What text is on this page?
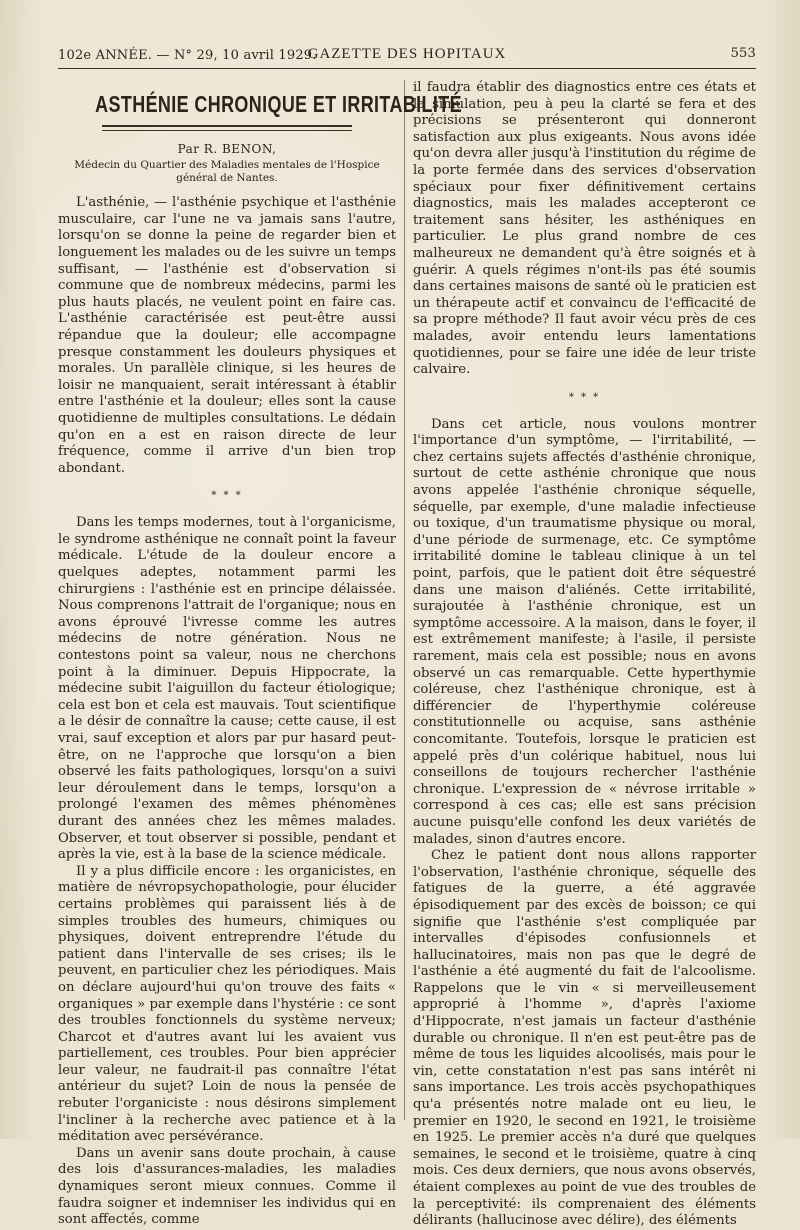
102e ANNÉE. — N° 29, 10 avril 1929.
GAZETTE DES HOPITAUX	553
ASTHÉNIE CHRONIQUE ET IRRITABILITÉ
Par R. BENON,
Médecin du Quartier des Maladies mentales de l'Hospice général de Nantes.

L'asthénie, — l'asthénie psychique et l'asthénie musculaire, car l'une ne va jamais sans l'autre, lorsqu'on se donne la peine de regarder bien et longuement les malades ou de les suivre un temps suffisant, — l'asthénie est d'observation si commune que de nombreux médecins, parmi les plus hauts placés, ne veulent point en faire cas. L'asthénie caractérisée est peut-être aussi répandue que la douleur; elle accompagne presque constamment les douleurs physiques et morales. Un parallèle clinique, si les heures de loisir ne manquaient, serait intéressant à établir entre l'asthénie et la douleur; elles sont la cause quotidienne de multiples consultations. Le dédain qu'on en a est en raison directe de leur fréquence, comme il arrive d'un bien trop abondant.

* * *

Dans les temps modernes, tout à l'organicisme, le syndrome asthénique ne connaît point la faveur médicale. L'étude de la douleur encore a quelques adeptes, notamment parmi les chirurgiens : l'asthénie est en principe délaissée. Nous comprenons l'attrait de l'organique; nous en avons éprouvé l'ivresse comme les autres médecins de notre génération. Nous ne contestons point sa valeur, nous ne cherchons point à la diminuer. Depuis Hippocrate, la médecine subit l'aiguillon du facteur étiologique; cela est bon et cela est mauvais. Tout scientifique a le désir de connaître la cause; cette cause, il est vrai, sauf exception et alors par pur hasard peut-être, on ne l'approche que lorsqu'on a bien observé les faits pathologiques, lorsqu'on a suivi leur déroulement dans le temps, lorsqu'on a prolongé l'examen des mêmes phénomènes durant des années chez les mêmes malades. Observer, et tout observer si possible, pendant et après la vie, est à la base de la science médicale.

Il y a plus difficile encore : les organicistes, en matière de névropsychopathologie, pour élucider certains problèmes qui paraissent liés à de simples troubles des humeurs, chimiques ou physiques, doivent entreprendre l'étude du patient dans l'intervalle de ses crises; ils le peuvent, en particulier chez les périodiques. Mais on déclare aujourd'hui qu'on trouve des faits « organiques » par exemple dans l'hystérie : ce sont des troubles fonctionnels du système nerveux; Charcot et d'autres avant lui les avaient vus partiellement, ces troubles. Pour bien apprécier leur valeur, ne faudrait-il pas connaître l'état antérieur du sujet? Loin de nous la pensée de rebuter l'organiciste : nous désirons simplement l'incliner à la recherche avec patience et à la méditation avec persévérance.

Dans un avenir sans doute prochain, à cause des lois d'assurances-maladies, les maladies dynamiques seront mieux connues. Comme il faudra soigner et indemniser les individus qui en sont affectés, comme

il faudra établir des diagnostics entre ces états et la simulation, peu à peu la clarté se fera et des précisions se présenteront qui donneront satisfaction aux plus exigeants. Nous avons idée qu'on devra aller jusqu'à l'institution du régime de la porte fermée dans des services d'observation spéciaux pour fixer définitivement certains diagnostics, mais les malades accepteront ce traitement sans hésiter, les asthéniques en particulier. Le plus grand nombre de ces malheureux ne demandent qu'à être soignés et à guérir. A quels régimes n'ont-ils pas été soumis dans certaines maisons de santé où le praticien est un thérapeute actif et convaincu de l'efficacité de sa propre méthode? Il faut avoir vécu près de ces malades, avoir entendu leurs lamentations quotidiennes, pour se faire une idée de leur triste calvaire.

* * *

Dans cet article, nous voulons montrer l'importance d'un symptôme, — l'irritabilité, — chez certains sujets affectés d'asthénie chronique, surtout de cette asthénie chronique que nous avons appelée l'asthénie chronique séquelle, séquelle, par exemple, d'une maladie infectieuse ou toxique, d'un traumatisme physique ou moral, d'une période de surmenage, etc. Ce symptôme irritabilité domine le tableau clinique à un tel point, parfois, que le patient doit être séquestré dans une maison d'aliénés. Cette irritabilité, surajoutée à l'asthénie chronique, est un symptôme accessoire. A la maison, dans le foyer, il est extrêmement manifeste; à l'asile, il persiste rarement, mais cela est possible; nous en avons observé un cas remarquable. Cette hyperthymie coléreuse, chez l'asthénique chronique, est à différencier de l'hyperthymie coléreuse constitutionnelle ou acquise, sans asthénie concomitante. Toutefois, lorsque le praticien est appelé près d'un colérique habituel, nous lui conseillons de toujours rechercher l'asthénie chronique. L'expression de « névrose irritable » correspond à ces cas; elle est sans précision aucune puisqu'elle confond les deux variétés de malades, sinon d'autres encore.

Chez le patient dont nous allons rapporter l'observation, l'asthénie chronique, séquelle des fatigues de la guerre, a été aggravée épisodiquement par des excès de boisson; ce qui signifie que l'asthénie s'est compliquée par intervalles d'épisodes confusionnels et hallucinatoires, mais non pas que le degré de l'asthénie a été augmenté du fait de l'alcoolisme. Rappelons que le vin « si merveilleusement approprié à l'homme », d'après l'axiome d'Hippocrate, n'est jamais un facteur d'asthénie durable ou chronique. Il n'en est peut-être pas de même de tous les liquides alcoolisés, mais pour le vin, cette constatation n'est pas sans intérêt ni sans importance. Les trois accès psychopathiques qu'a présentés notre malade ont eu lieu, le premier en 1920, le second en 1921, le troisième en 1925. Le premier accès n'a duré que quelques semaines, le second et le troisième, quatre à cinq mois. Ces deux derniers, que nous avons observés, étaient complexes au point de vue des troubles de la perceptivité: ils comprenaient des éléments délirants (hallucinose avec délire), des éléments
